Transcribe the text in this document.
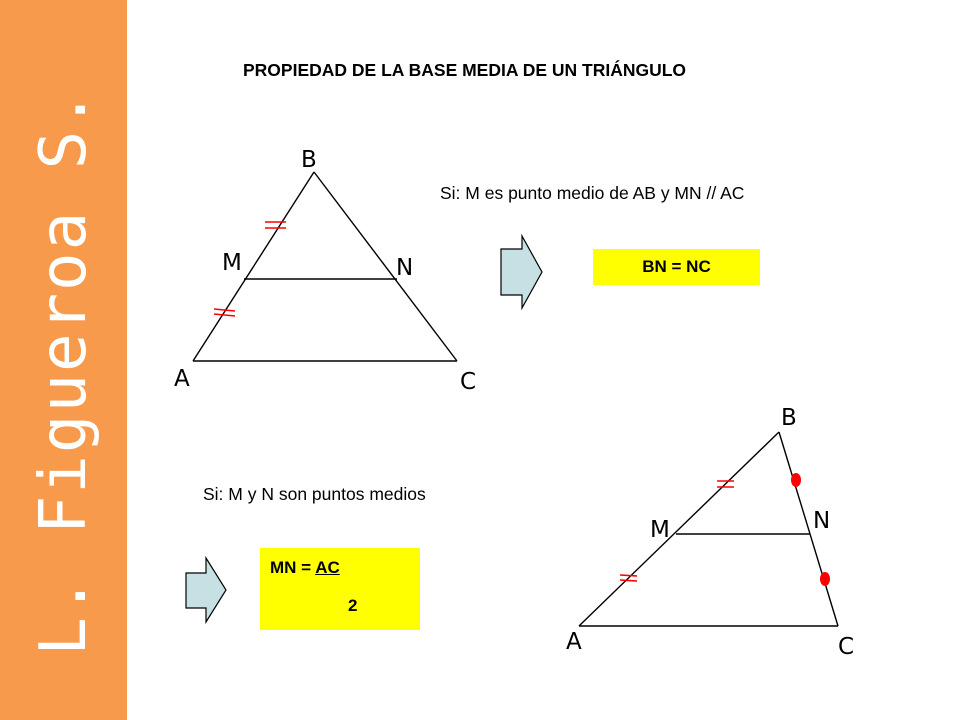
L. Figueroa S.
PROPIEDAD DE LA BASE MEDIA DE UN TRIÁNGULO
Si: M es punto medio de AB y MN // AC
Si: M y N son puntos medios
BN = NC
MN = AC
2
B
M	N
A	C
B
M	N
A	C
